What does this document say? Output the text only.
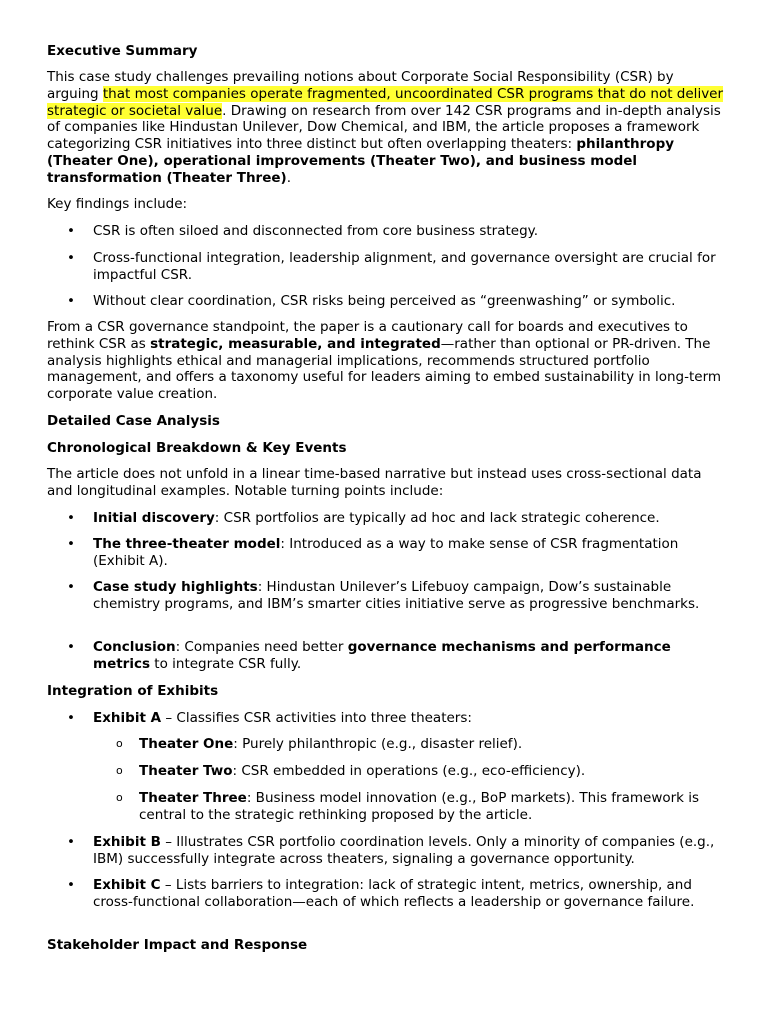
Executive Summary

This case study challenges prevailing notions about Corporate Social Responsibility (CSR) by arguing that most companies operate fragmented, uncoordinated CSR programs that do not deliver strategic or societal value. Drawing on research from over 142 CSR programs and in-depth analysis of companies like Hindustan Unilever, Dow Chemical, and IBM, the article proposes a framework categorizing CSR initiatives into three distinct but often overlapping theaters: philanthropy (Theater One), operational improvements (Theater Two), and business model transformation (Theater Three).

Key findings include:

• CSR is often siloed and disconnected from core business strategy.

• Cross-functional integration, leadership alignment, and governance oversight are crucial for impactful CSR.

• Without clear coordination, CSR risks being perceived as “greenwashing” or symbolic.

From a CSR governance standpoint, the paper is a cautionary call for boards and executives to rethink CSR as strategic, measurable, and integrated—rather than optional or PR-driven. The analysis highlights ethical and managerial implications, recommends structured portfolio management, and offers a taxonomy useful for leaders aiming to embed sustainability in long-term corporate value creation.

Detailed Case Analysis

Chronological Breakdown & Key Events

The article does not unfold in a linear time-based narrative but instead uses cross-sectional data and longitudinal examples. Notable turning points include:

• Initial discovery: CSR portfolios are typically ad hoc and lack strategic coherence.

• The three-theater model: Introduced as a way to make sense of CSR fragmentation (Exhibit A).

• Case study highlights: Hindustan Unilever’s Lifebuoy campaign, Dow’s sustainable chemistry programs, and IBM’s smarter cities initiative serve as progressive benchmarks.

• Conclusion: Companies need better governance mechanisms and performance metrics to integrate CSR fully.

Integration of Exhibits

• Exhibit A – Classifies CSR activities into three theaters:

o Theater One: Purely philanthropic (e.g., disaster relief).

o Theater Two: CSR embedded in operations (e.g., eco-efficiency).

o Theater Three: Business model innovation (e.g., BoP markets). This framework is central to the strategic rethinking proposed by the article.

• Exhibit B – Illustrates CSR portfolio coordination levels. Only a minority of companies (e.g., IBM) successfully integrate across theaters, signaling a governance opportunity.

• Exhibit C – Lists barriers to integration: lack of strategic intent, metrics, ownership, and cross-functional collaboration—each of which reflects a leadership or governance failure.

Stakeholder Impact and Response
